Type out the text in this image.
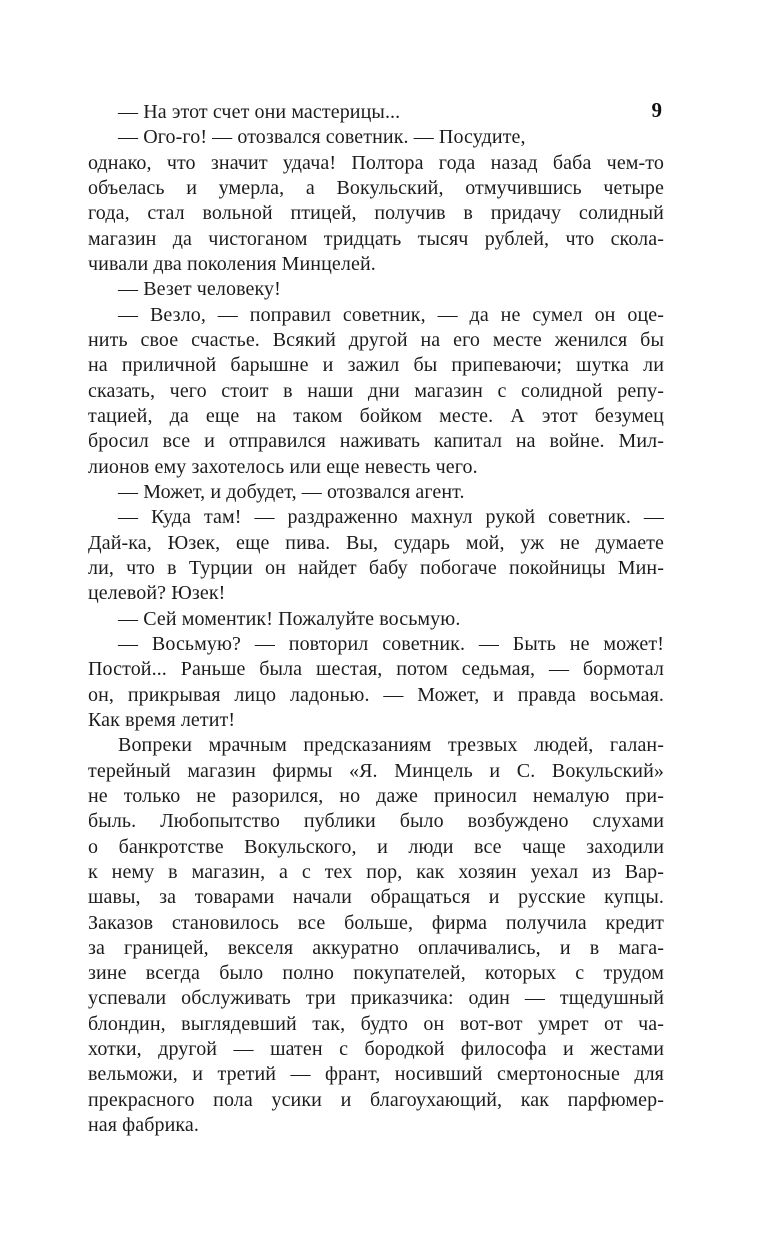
9
— На этот счет они мастерицы...
— Ого-го! — отозвался советник. — Посудите,
однако, что значит удача! Полтора года назад баба чем-то
объелась и умерла, а Вокульский, отмучившись четыре
года, стал вольной птицей, получив в придачу солидный
магазин да чистоганом тридцать тысяч рублей, что скола-
чивали два поколения Минцелей.
— Везет человеку!
— Везло, — поправил советник, — да не сумел он оце-
нить свое счастье. Всякий другой на его месте женился бы
на приличной барышне и зажил бы припеваючи; шутка ли
сказать, чего стоит в наши дни магазин с солидной репу-
тацией, да еще на таком бойком месте. А этот безумец
бросил все и отправился наживать капитал на войне. Мил-
лионов ему захотелось или еще невесть чего.
— Может, и добудет, — отозвался агент.
— Куда там! — раздраженно махнул рукой советник. —
Дай-ка, Юзек, еще пива. Вы, сударь мой, уж не думаете
ли, что в Турции он найдет бабу побогаче покойницы Мин-
целевой? Юзек!
— Сей моментик! Пожалуйте восьмую.
— Восьмую? — повторил советник. — Быть не может!
Постой... Раньше была шестая, потом седьмая, — бормотал
он, прикрывая лицо ладонью. — Может, и правда восьмая.
Как время летит!
Вопреки мрачным предсказаниям трезвых людей, галан-
терейный магазин фирмы «Я. Минцель и С. Вокульский»
не только не разорился, но даже приносил немалую при-
быль. Любопытство публики было возбуждено слухами
о банкротстве Вокульского, и люди все чаще заходили
к нему в магазин, а с тех пор, как хозяин уехал из Вар-
шавы, за товарами начали обращаться и русские купцы.
Заказов становилось все больше, фирма получила кредит
за границей, векселя аккуратно оплачивались, и в мага-
зине всегда было полно покупателей, которых с трудом
успевали обслуживать три приказчика: один — тщедушный
блондин, выглядевший так, будто он вот-вот умрет от ча-
хотки, другой — шатен с бородкой философа и жестами
вельможи, и третий — франт, носивший смертоносные для
прекрасного пола усики и благоухающий, как парфюмер-
ная фабрика.
